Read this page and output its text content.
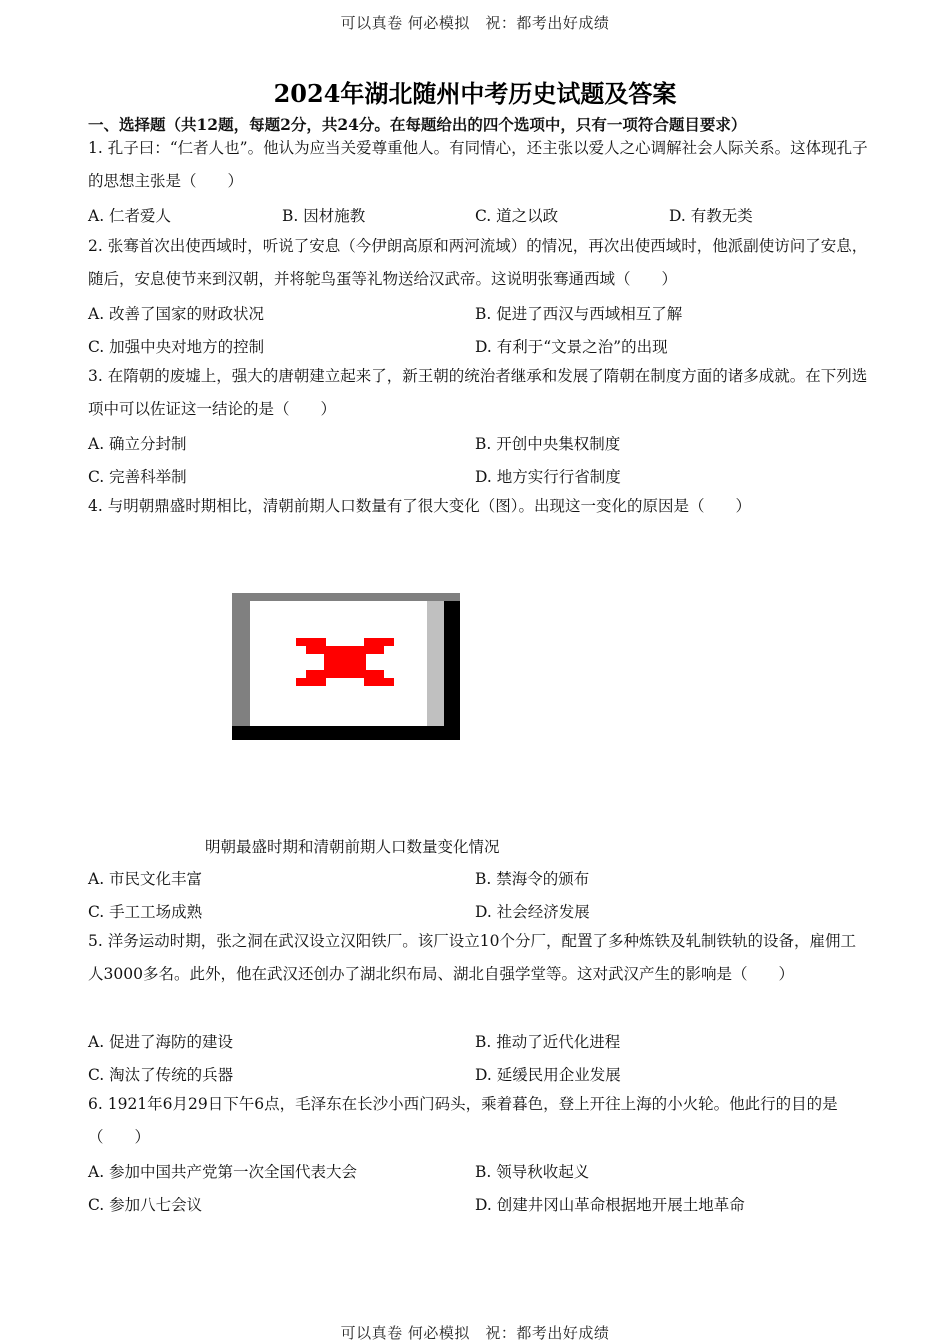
可以真卷 何必模拟　祝：都考出好成绩
2024年湖北随州中考历史试题及答案
一、选择题（共12题，每题2分，共24分。在每题给出的四个选项中，只有一项符合题目要求）
1. 孔子曰：“仁者人也”。他认为应当关爱尊重他人。有同情心，还主张以爱人之心调解社会人际关系。这体现孔子的思想主张是（　　）
A. 仁者爱人	B. 因材施教	C. 道之以政	D. 有教无类
2. 张骞首次出使西域时，听说了安息（今伊朗高原和两河流域）的情况，再次出使西域时，他派副使访问了安息，随后，安息使节来到汉朝，并将鸵鸟蛋等礼物送给汉武帝。这说明张骞通西域（　　）
A. 改善了国家的财政状况	B. 促进了西汉与西域相互了解
C. 加强中央对地方的控制	D. 有利于“文景之治”的出现
3. 在隋朝的废墟上，强大的唐朝建立起来了，新王朝的统治者继承和发展了隋朝在制度方面的诸多成就。在下列选项中可以佐证这一结论的是（　　）
A. 确立分封制	B. 开创中央集权制度
C. 完善科举制	D. 地方实行行省制度
4. 与明朝鼎盛时期相比，清朝前期人口数量有了很大变化（图）。出现这一变化的原因是（　　）
明朝最盛时期和清朝前期人口数量变化情况
A. 市民文化丰富	B. 禁海令的颁布
C. 手工工场成熟	D. 社会经济发展
5. 洋务运动时期，张之洞在武汉设立汉阳铁厂。该厂设立10个分厂，配置了多种炼铁及轧制铁轨的设备，雇佣工人3000多名。此外，他在武汉还创办了湖北织布局、湖北自强学堂等。这对武汉产生的影响是（　　）
A. 促进了海防的建设	B. 推动了近代化进程
C. 淘汰了传统的兵器	D. 延缓民用企业发展
6. 1921年6月29日下午6点，毛泽东在长沙小西门码头，乘着暮色，登上开往上海的小火轮。他此行的目的是（　　）
A. 参加中国共产党第一次全国代表大会	B. 领导秋收起义
C. 参加八七会议	D. 创建井冈山革命根据地开展土地革命
可以真卷 何必模拟　祝：都考出好成绩
